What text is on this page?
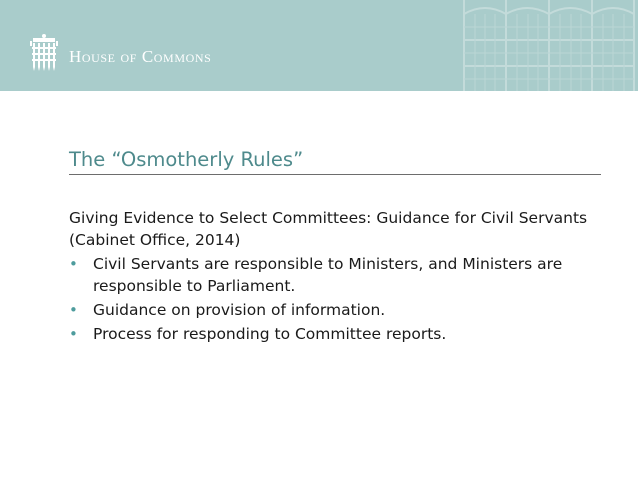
House of Commons
The “Osmotherly Rules”

Giving Evidence to Select Committees: Guidance for Civil Servants (Cabinet Office, 2014)

• Civil Servants are responsible to Ministers, and Ministers are responsible to Parliament.
• Guidance on provision of information.
• Process for responding to Committee reports.
